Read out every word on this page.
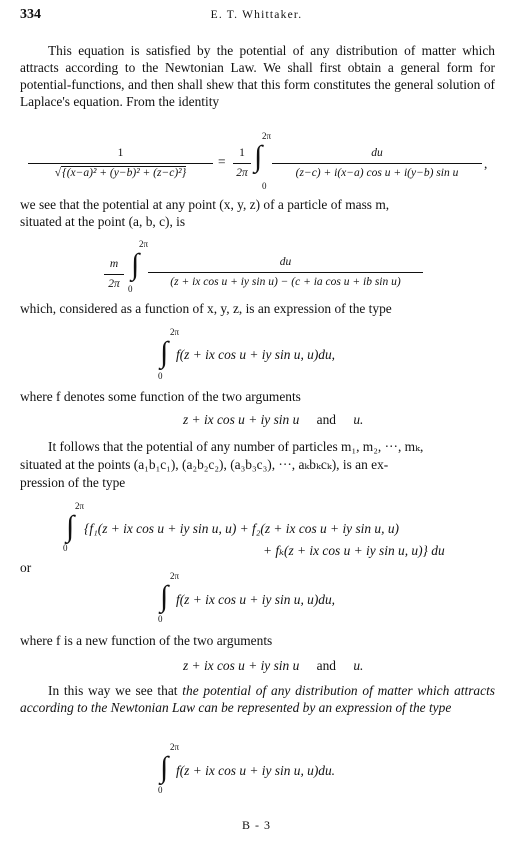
334	E. T. Whittaker.
This equation is satisfied by the potential of any distribution of matter which attracts according to the Newtonian Law. We shall first obtain a general form for potential-functions, and then shall shew that this form constitutes the general solution of Laplace's equation. From the identity
$\frac{1}{\text{√\{(x−a)² + (y−b)² + (z−c)²\}}} = \frac{1}{2\pi}$
2π
∫
0
$\frac{du}{\text{(z−c) + i(x−a) cos u + i(y−b) sin u}}$ ,
we see that the potential at any point (x, y, z) of a particle of mass m,
situated at the point (a, b, c), is
$\frac{m}{2\pi}$
2π
∫
$0 \frac{du}{\text{(z + ix cos u + iy sin u) − (c + ia cos u + ib sin u)}}$
which, considered as a function of x, y, z, is an expression of the type
2π
∫
0
f(z + ix cos u + iy sin u, u)du,
where f denotes some function of the two arguments
z + ix cos u + iy sin u and u.
It follows that the potential of any number of particles m₁, m₂, ···, mₖ,
situated at the points (a₁b₁c₁), (a₂b₂c₂), (a₃b₃c₃), ···, aₖbₖcₖ), is an ex-
pression of the type
2π
∫
0
{f₁(z + ix cos u + iy sin u, u) + f₂(z + ix cos u + iy sin u, u)
+ fₖ(z + ix cos u + iy sin u, u)} du
or
2π
∫
0
f(z + ix cos u + iy sin u, u)du,
where f is a new function of the two arguments
z + ix cos u + iy sin u and u.
In this way we see that the potential of any distribution of matter which attracts according to the Newtonian Law can be represented by an expression of the type
2π
∫
0
f(z + ix cos u + iy sin u, u)du.
B - 3
